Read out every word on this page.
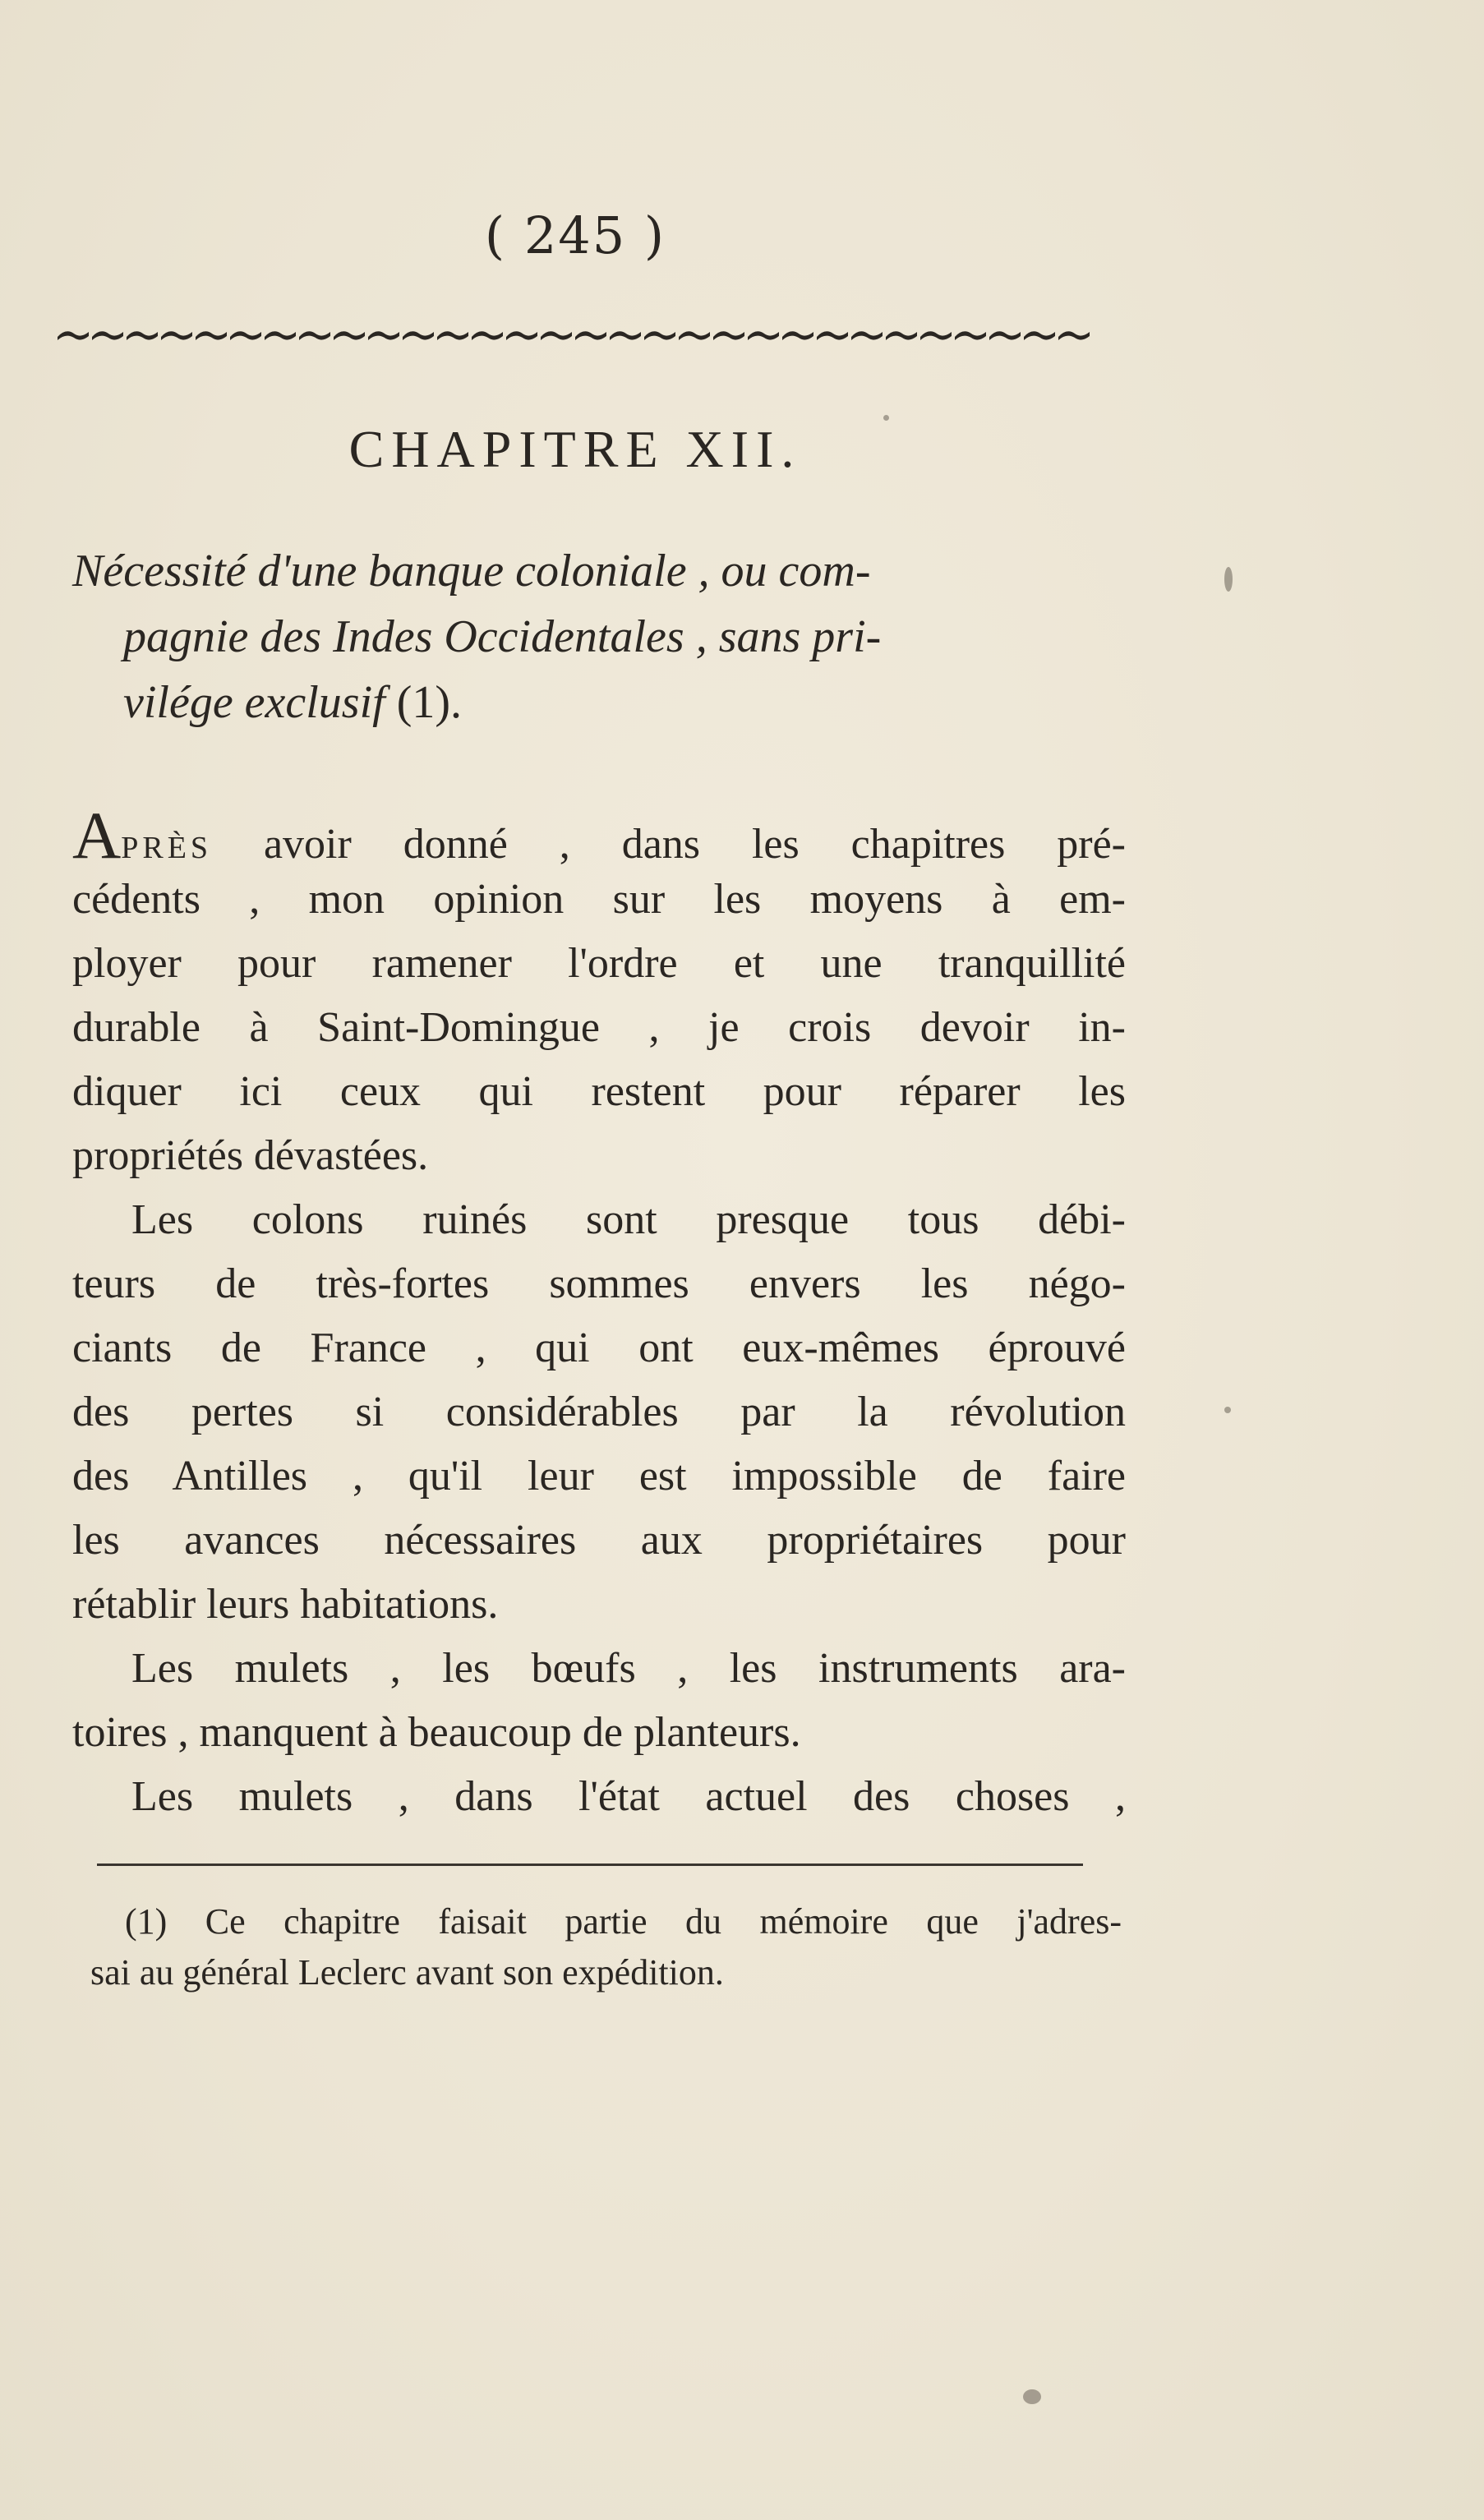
( 245 )
CHAPITRE XII.
Nécessité d'une banque coloniale , ou com-
pagnie des Indes Occidentales , sans pri-
vilége exclusif (1).
APRÈS avoir donné , dans les chapitres pré-
cédents , mon opinion sur les moyens à em-
ployer pour ramener l'ordre et une tranquillité
durable à Saint-Domingue , je crois devoir in-
diquer ici ceux qui restent pour réparer les
propriétés dévastées.
Les colons ruinés sont presque tous débi-
teurs de très-fortes sommes envers les négo-
ciants de France , qui ont eux-mêmes éprouvé
des pertes si considérables par la révolution
des Antilles , qu'il leur est impossible de faire
les avances nécessaires aux propriétaires pour
rétablir leurs habitations.
Les mulets , les bœufs , les instruments ara-
toires , manquent à beaucoup de planteurs.
Les mulets , dans l'état actuel des choses ,
(1) Ce chapitre faisait partie du mémoire que j'adres-
sai au général Leclerc avant son expédition.
